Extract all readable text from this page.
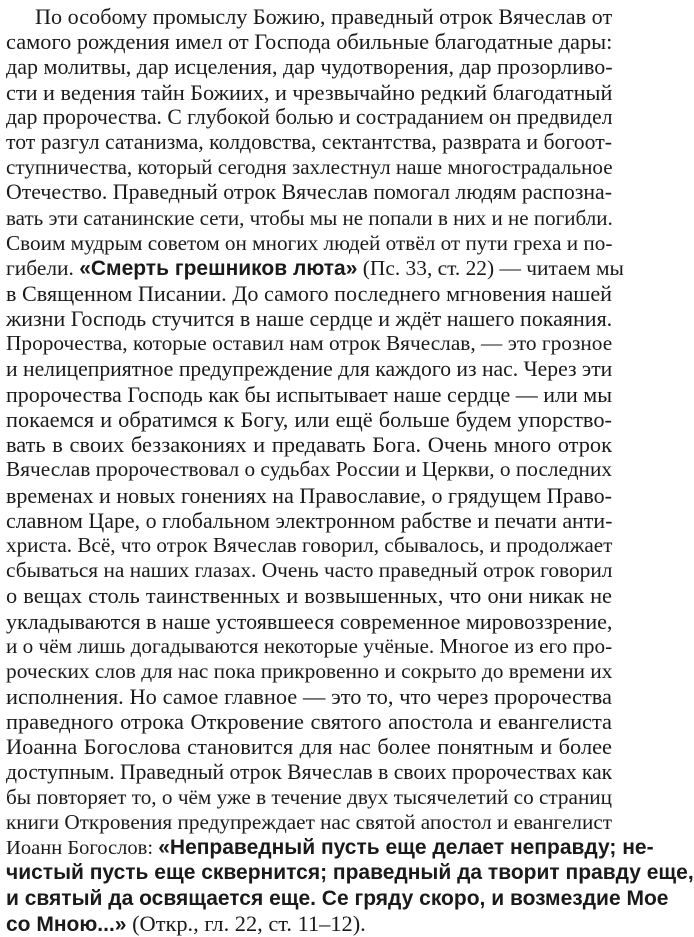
По особому промыслу Божию, праведный отрок Вячеслав от
самого рождения имел от Господа обильные благодатные дары:
дар молитвы, дар исцеления, дар чудотворения, дар прозорливо-
сти и ведения тайн Божиих, и чрезвычайно редкий благодатный
дар пророчества. С глубокой болью и состраданием он предвидел
тот разгул сатанизма, колдовства, сектантства, разврата и богоот-
ступничества, который сегодня захлестнул наше многострадальное
Отечество. Праведный отрок Вячеслав помогал людям распозна-
вать эти сатанинские сети, чтобы мы не попали в них и не погибли.
Своим мудрым советом он многих людей отвёл от пути греха и по-
гибели. «Смерть грешников люта» (Пс. 33, ст. 22) — читаем мы
в Священном Писании. До самого последнего мгновения нашей
жизни Господь стучится в наше сердце и ждёт нашего покаяния.
Пророчества, которые оставил нам отрок Вячеслав, — это грозное
и нелицеприятное предупреждение для каждого из нас. Через эти
пророчества Господь как бы испытывает наше сердце — или мы
покаемся и обратимся к Богу, или ещё больше будем упорство-
вать в своих беззакониях и предавать Бога. Очень много отрок
Вячеслав пророчествовал о судьбах России и Церкви, о последних
временах и новых гонениях на Православие, о грядущем Право-
славном Царе, о глобальном электронном рабстве и печати анти-
христа. Всё, что отрок Вячеслав говорил, сбывалось, и продолжает
сбываться на наших глазах. Очень часто праведный отрок говорил
о вещах столь таинственных и возвышенных, что они никак не
укладываются в наше устоявшееся современное мировоззрение,
и о чём лишь догадываются некоторые учёные. Многое из его про-
роческих слов для нас пока прикровенно и сокрыто до времени их
исполнения. Но самое главное — это то, что через пророчества
праведного отрока Откровение святого апостола и евангелиста
Иоанна Богослова становится для нас более понятным и более
доступным. Праведный отрок Вячеслав в своих пророчествах как
бы повторяет то, о чём уже в течение двух тысячелетий со страниц
книги Откровения предупреждает нас святой апостол и евангелист
Иоанн Богослов: «Неправедный пусть еще делает неправду; не-
чистый пусть еще сквернится; праведный да творит правду еще,
и святый да освящается еще. Се гряду скоро, и возмездие Мое
со Мною...» (Откр., гл. 22, ст. 11–12).
